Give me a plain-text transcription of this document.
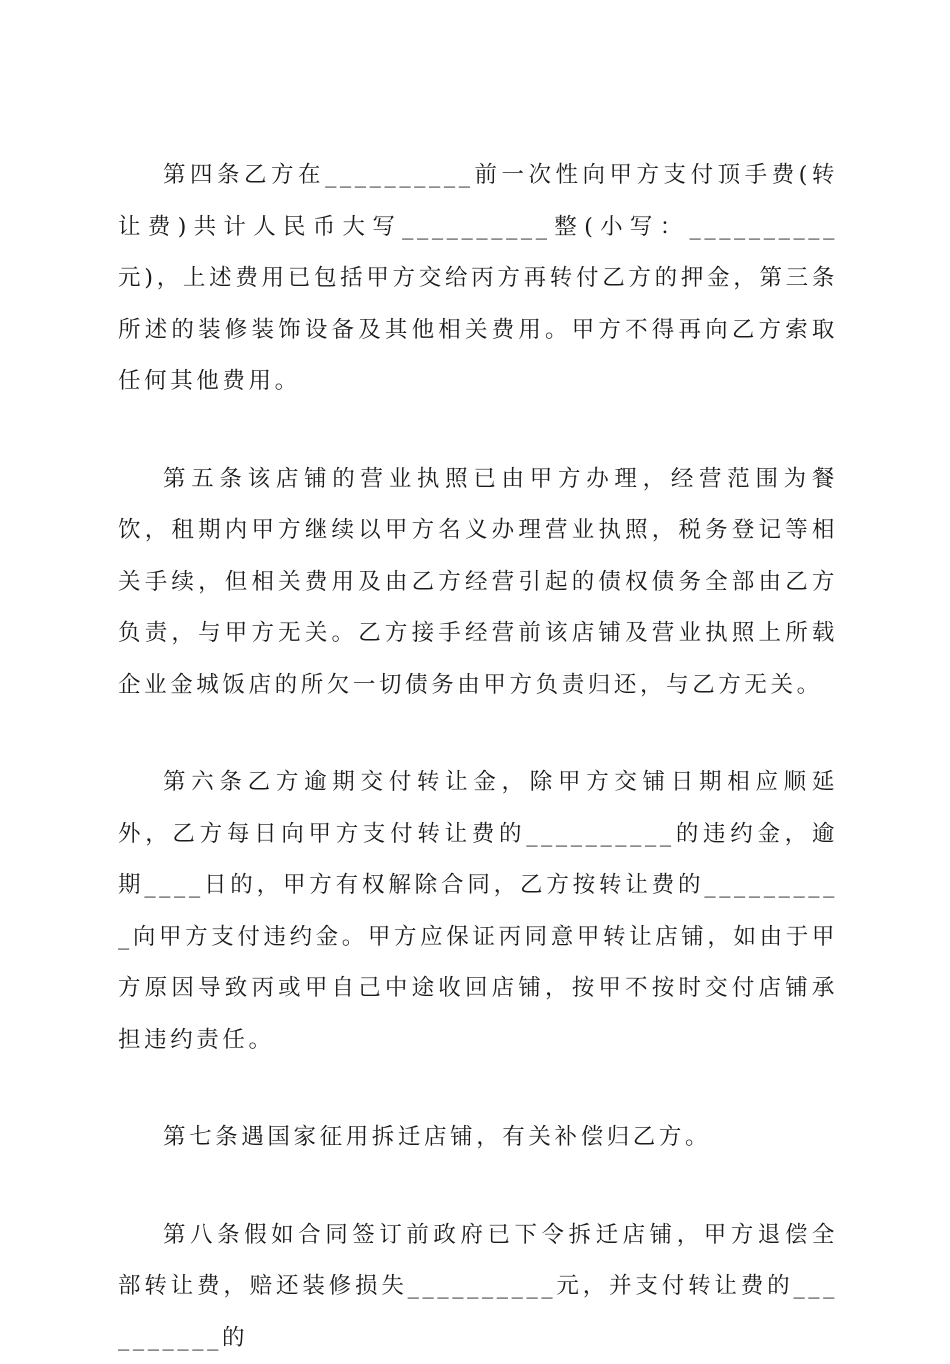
第四条乙方在__________前一次性向甲方支付顶手费(转让费)共计人民币大写__________整(小写：__________元)，上述费用已包括甲方交给丙方再转付乙方的押金，第三条所述的装修装饰设备及其他相关费用。甲方不得再向乙方索取任何其他费用。

第五条该店铺的营业执照已由甲方办理，经营范围为餐饮，租期内甲方继续以甲方名义办理营业执照，税务登记等相关手续，但相关费用及由乙方经营引起的债权债务全部由乙方负责，与甲方无关。乙方接手经营前该店铺及营业执照上所载企业金城饭店的所欠一切债务由甲方负责归还，与乙方无关。

第六条乙方逾期交付转让金，除甲方交铺日期相应顺延外，乙方每日向甲方支付转让费的__________的违约金，逾期____日的，甲方有权解除合同，乙方按转让费的__________向甲方支付违约金。甲方应保证丙同意甲转让店铺，如由于甲方原因导致丙或甲自己中途收回店铺，按甲不按时交付店铺承担违约责任。

第七条遇国家征用拆迁店铺，有关补偿归乙方。

第八条假如合同签订前政府已下令拆迁店铺，甲方退偿全部转让费，赔还装修损失__________元，并支付转让费的__________的
